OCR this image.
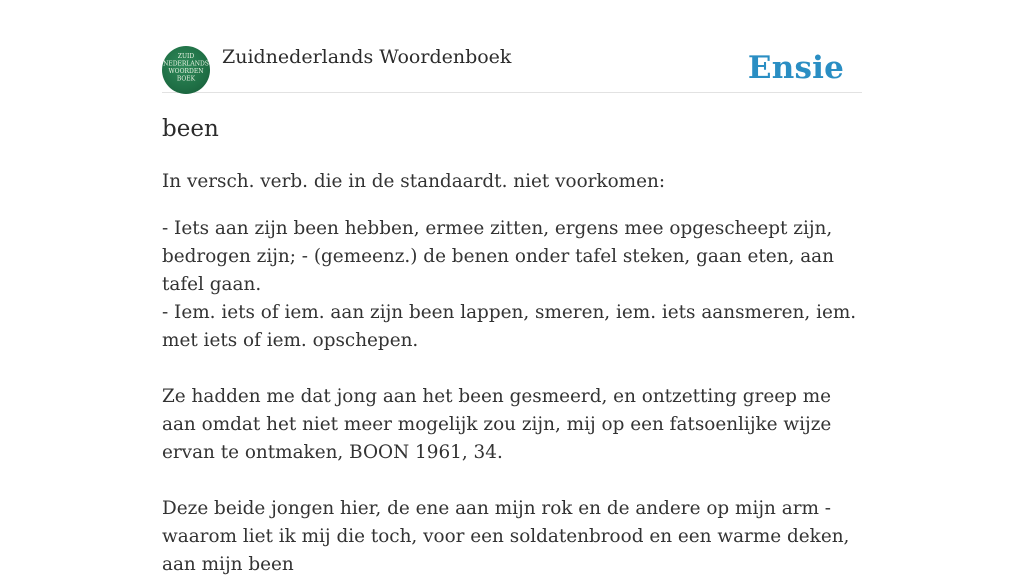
ZUID
NEDERLANDS
WOORDEN
BOEK
Zuidnederlands Woordenboek	Ensie
been

In versch. verb. die in de standaardt. niet voorkomen:

- Iets aan zijn been hebben, ermee zitten, ergens mee opgescheept zijn, bedrogen zijn; - (gemeenz.) de benen onder tafel steken, gaan eten, aan tafel gaan.

- Iem. iets of iem. aan zijn been lappen, smeren, iem. iets aansmeren, iem. met iets of iem. opschepen.

Ze hadden me dat jong aan het been gesmeerd, en ontzetting greep me aan omdat het niet meer mogelijk zou zijn, mij op een fatsoenlijke wijze ervan te ontmaken, BOON 1961, 34.

Deze beide jongen hier, de ene aan mijn rok en de andere op mijn arm - waarom liet ik mij die toch, voor een soldatenbrood en een warme deken, aan mijn been
